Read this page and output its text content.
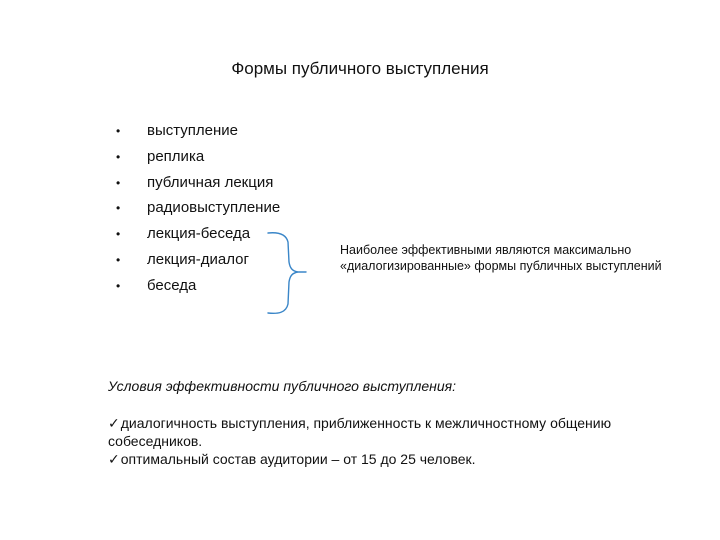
Формы публичного выступления
• выступление
• реплика
• публичная лекция
• радиовыступление
• лекция-беседа
• лекция-диалог
• беседа
Наиболее эффективными являются максимально «диалогизированные» формы публичных выступлений
Условия эффективности публичного выступления:

✓диалогичность выступления, приближенность к межличностному общению собеседников.

✓оптимальный состав аудитории – от 15 до 25 человек.
